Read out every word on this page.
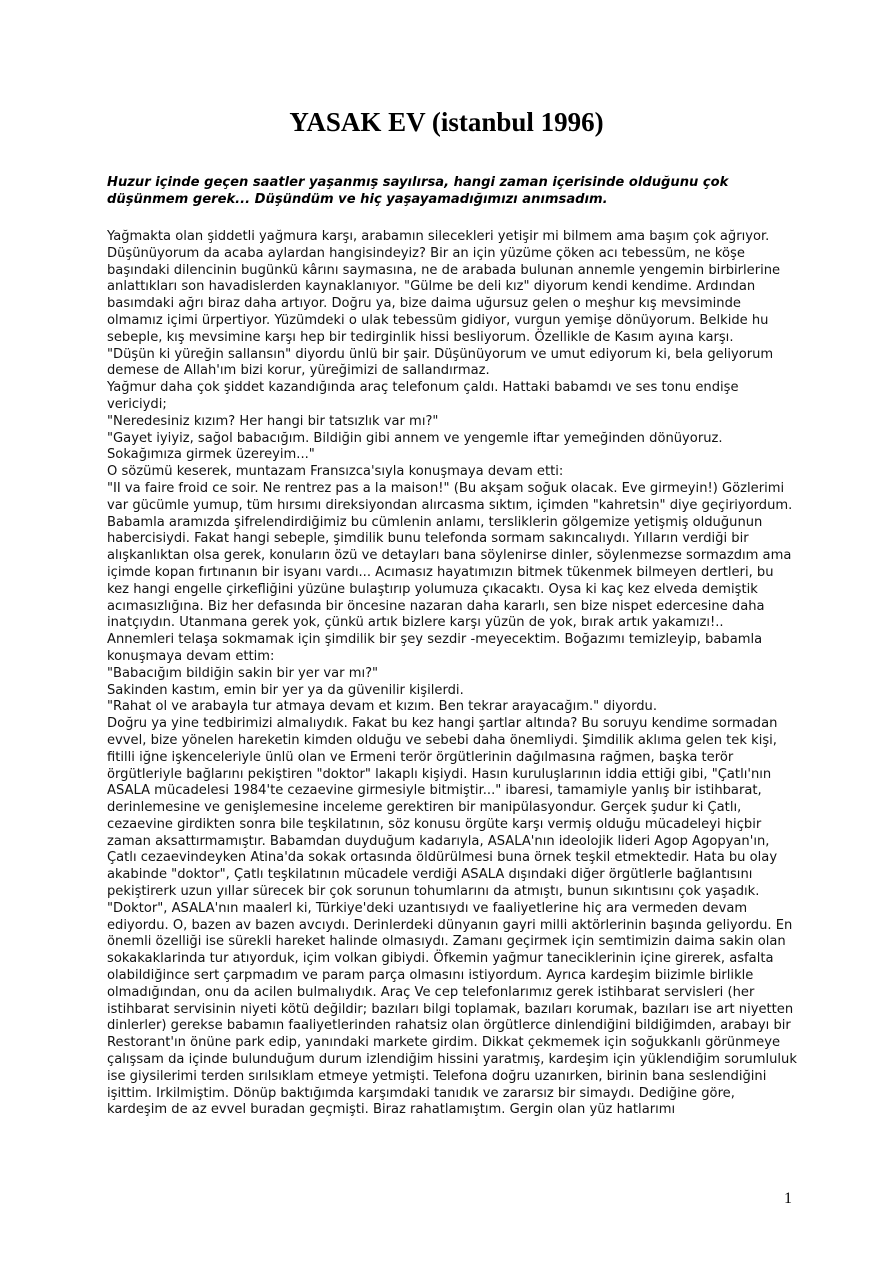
YASAK EV (istanbul 1996)

Huzur içinde geçen saatler yaşanmış sayılırsa, hangi zaman içerisinde olduğunu çok düşünmem gerek... Düşündüm ve hiç yaşayamadığımızı anımsadım.

Yağmakta olan şiddetli yağmura karşı, arabamın silecekleri yetişir mi bilmem ama başım çok ağrıyor. Düşünüyorum da acaba aylardan hangisindeyiz? Bir an için yüzüme çöken acı tebessüm, ne köşe başındaki dilencinin bugünkü kârını saymasına, ne de arabada bulunan annemle yengemin birbirlerine anlattıkları son havadislerden kaynaklanıyor. "Gülme be deli kız" diyorum kendi kendime. Ardından basımdaki ağrı biraz daha artıyor. Doğru ya, bize daima uğursuz gelen o meşhur kış mevsiminde olmamız içimi ürpertiyor. Yüzümdeki o ulak tebessüm gidiyor, vurgun yemişe dönüyorum. Belkide hu sebeple, kış mevsimine karşı hep bir tedirginlik hissi besliyorum. Özellikle de Kasım ayına karşı.

"Düşün ki yüreğin sallansın" diyordu ünlü bir şair. Düşünüyorum ve umut ediyorum ki, bela geliyorum demese de Allah'ım bizi korur, yüreğimizi de sallandırmaz.

Yağmur daha çok şiddet kazandığında araç telefonum çaldı. Hattaki babamdı ve ses tonu endişe vericiydi;

"Neredesiniz kızım? Her hangi bir tatsızlık var mı?"

"Gayet iyiyiz, sağol babacığım. Bildiğin gibi annem ve yengemle iftar yemeğinden dönüyoruz. Sokağımıza girmek üzereyim..."

O sözümü keserek, muntazam Fransızca'sıyla konuşmaya devam etti:

"II va faire froid ce soir. Ne rentrez pas a la maison!" (Bu akşam soğuk olacak. Eve girmeyin!) Gözlerimi var gücümle yumup, tüm hırsımı direksiyondan alırcasma sıktım, içimden "kahretsin" diye geçiriyordum. Babamla aramızda şifrelendirdiğimiz bu cümlenin anlamı, tersliklerin gölgemize yetişmiş olduğunun habercisiydi. Fakat hangi sebeple, şimdilik bunu telefonda sormam sakıncalıydı. Yılların verdiği bir alışkanlıktan olsa gerek, konuların özü ve detayları bana söylenirse dinler, söylenmezse sormazdım ama içimde kopan fırtınanın bir isyanı vardı... Acımasız hayatımızın bitmek tükenmek bilmeyen dertleri, bu kez hangi engelle çirkefliğini yüzüne bulaştırıp yolumuza çıkacaktı. Oysa ki kaç kez elveda demiştik acımasızlığına. Biz her defasında bir öncesine nazaran daha kararlı, sen bize nispet edercesine daha inatçıydın. Utanmana gerek yok, çünkü artık bizlere karşı yüzün de yok, bırak artık yakamızı!..

Annemleri telaşa sokmamak için şimdilik bir şey sezdir -meyecektim. Boğazımı temizleyip, babamla konuşmaya devam ettim:

"Babacığım bildiğin sakin bir yer var mı?"

Sakinden kastım, emin bir yer ya da güvenilir kişilerdi.

"Rahat ol ve arabayla tur atmaya devam et kızım. Ben tekrar arayacağım." diyordu.

Doğru ya yine tedbirimizi almalıydık. Fakat bu kez hangi şartlar altında? Bu soruyu kendime sormadan evvel, bize yönelen hareketin kimden olduğu ve sebebi daha önemliydi. Şimdilik aklıma gelen tek kişi, fitilli iğne işkenceleriyle ünlü olan ve Ermeni terör örgütlerinin dağılmasına rağmen, başka terör örgütleriyle bağlarını pekiştiren "doktor" lakaplı kişiydi. Hasın kuruluşlarının iddia ettiği gibi, "Çatlı'nın ASALA mücadelesi 1984'te cezaevine girmesiyle bitmiştir..." ibaresi, tamamiyle yanlış bir istihbarat, derinlemesine ve genişlemesine inceleme gerektiren bir manipülasyondur. Gerçek şudur ki Çatlı, cezaevine girdikten sonra bile teşkilatının, söz konusu örgüte karşı vermiş olduğu mücadeleyi hiçbir zaman aksattırmamıştır. Babamdan duyduğum kadarıyla, ASALA'nın ideolojik lideri Agop Agopyan'ın, Çatlı cezaevindeyken Atina'da sokak ortasında öldürülmesi buna örnek teşkil etmektedir. Hata bu olay akabinde "doktor", Çatlı teşkilatının mücadele verdiği ASALA dışındaki diğer örgütlerle bağlantısını pekiştirerk uzun yıllar sürecek bir çok sorunun tohumlarını da atmıştı, bunun sıkıntısını çok yaşadık. "Doktor", ASALA'nın maalerl ki, Türkiye'deki uzantısıydı ve faaliyetlerine hiç ara vermeden devam ediyordu. O, bazen av bazen avcıydı. Derinlerdeki dünyanın gayri milli aktörlerinin başında geliyordu. En önemli özelliği ise sürekli hareket halinde olmasıydı. Zamanı geçirmek için semtimizin daima sakin olan sokakaklarinda tur atıyorduk, içim volkan gibiydi. Öfkemin yağmur taneciklerinin içine girerek, asfalta olabildiğince sert çarpmadım ve param parça olmasını istiyordum. Ayrıca kardeşim biizimle birlikle olmadığından, onu da acilen bulmalıydık. Araç Ve cep telefonlarımız gerek istihbarat servisleri (her istihbarat servisinin niyeti kötü değildir; bazıları bilgi toplamak, bazıları korumak, bazıları ise art niyetten dinlerler) gerekse babamın faaliyetlerinden rahatsiz olan örgütlerce dinlendiğini bildiğimden, arabayı bir Restorant'ın önüne park edip, yanındaki markete girdim. Dikkat çekmemek için soğukkanlı görünmeye çalışsam da içinde bulunduğum durum izlendiğim hissini yaratmış, kardeşim için yüklendiğim sorumluluk ise giysilerimi terden sırılsıklam etmeye yetmişti. Telefona doğru uzanırken, birinin bana seslendiğini işittim. Irkilmiştim. Dönüp baktığımda karşımdaki tanıdık ve zararsız bir simaydı. Dediğine göre, kardeşim de az evvel buradan geçmişti. Biraz rahatlamıştım. Gergin olan yüz hatlarımı

1
